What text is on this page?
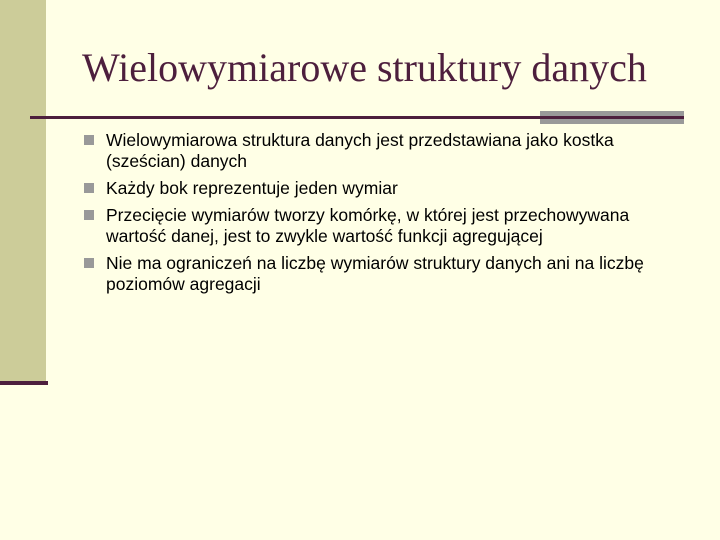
Wielowymiarowe struktury danych
Wielowymiarowa struktura danych jest przedstawiana jako kostka (sześcian) danych
Każdy bok reprezentuje jeden wymiar
Przecięcie wymiarów tworzy komórkę, w której jest przechowywana wartość danej, jest to zwykle wartość funkcji agregującej
Nie ma ograniczeń na liczbę wymiarów struktury danych ani na liczbę poziomów agregacji
